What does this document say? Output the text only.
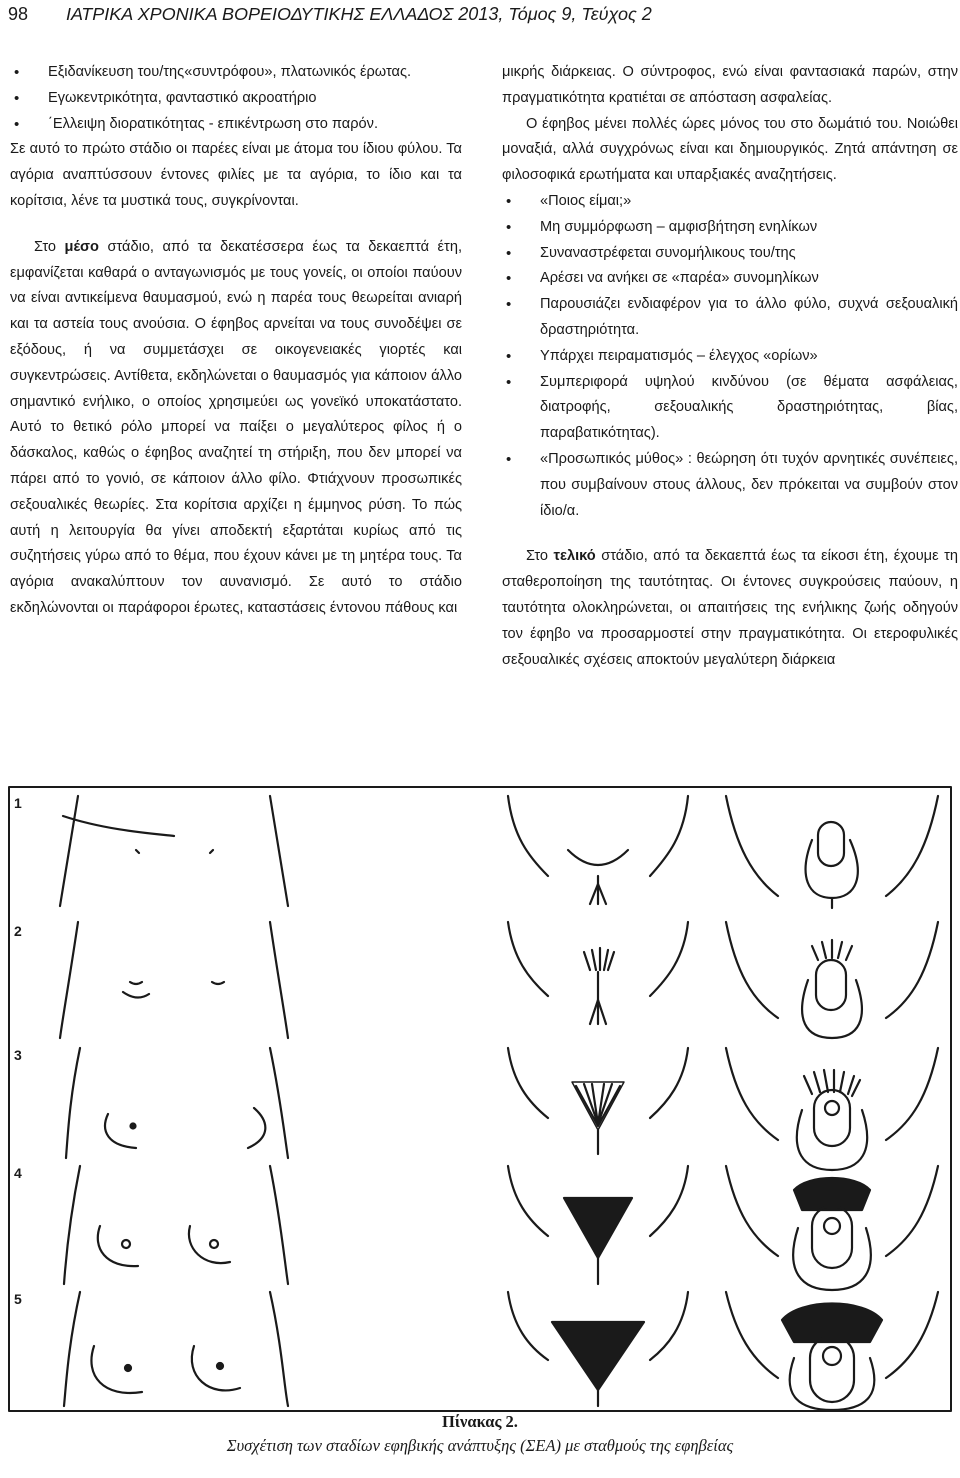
98 ΙΑΤΡΙΚΑ ΧΡΟΝΙΚΑ ΒΟΡΕΙΟΔΥΤΙΚΗΣ ΕΛΛΑΔΟΣ 2013, Τόμος 9, Τεύχος 2
• Εξιδανίκευση του/της«συντρόφου», πλατωνικός έρωτας.
• Εγωκεντρικότητα, φανταστικό ακροατήριο
• ΄Ελλειψη διορατικότητας - επικέντρωση στο παρόν.

Σε αυτό το πρώτο στάδιο οι παρέες είναι με άτομα του ίδιου φύλου. Τα αγόρια αναπτύσσουν έντονες φιλίες με τα αγόρια, το ίδιο και τα κορίτσια, λένε τα μυστικά τους, συγκρίνονται.

Στο μέσο στάδιο, από τα δεκατέσσερα έως τα δεκαεπτά έτη, εμφανίζεται καθαρά ο ανταγωνισμός με τους γονείς, οι οποίοι παύουν να είναι αντικείμενα θαυμασμού, ενώ η παρέα τους θεωρείται ανιαρή και τα αστεία τους ανούσια. Ο έφηβος αρνείται να τους συνοδέψει σε εξόδους, ή να συμμετάσχει σε οικογενειακές γιορτές και συγκεντρώσεις. Αντίθετα, εκδηλώνεται ο θαυμασμός για κάποιον άλλο σημαντικό ενήλικο, ο οποίος χρησιμεύει ως γονεϊκό υποκατάστατο. Αυτό το θετικό ρόλο μπορεί να παίξει ο μεγαλύτερος φίλος ή ο δάσκαλος, καθώς ο έφηβος αναζητεί τη στήριξη, που δεν μπορεί να πάρει από το γονιό, σε κάποιον άλλο φίλο. Φτιάχνουν προσωπικές σεξουαλικές θεωρίες. Στα κορίτσια αρχίζει η έμμηνος ρύση. Το πώς αυτή η λειτουργία θα γίνει αποδεκτή εξαρτάται κυρίως από τις συζητήσεις γύρω από το θέμα, που έχουν κάνει με τη μητέρα τους. Τα αγόρια ανακαλύπτουν τον αυνανισμό. Σε αυτό το στάδιο εκδηλώνονται οι παράφοροι έρωτες, καταστάσεις έντονου πάθους και

μικρής διάρκειας. Ο σύντροφος, ενώ είναι φαντασιακά παρών, στην πραγματικότητα κρατιέται σε απόσταση ασφαλείας.

Ο έφηβος μένει πολλές ώρες μόνος του στο δωμάτιό του. Νοιώθει μοναξιά, αλλά συγχρόνως είναι και δημιουργικός. Ζητά απάντηση σε φιλοσοφικά ερωτήματα και υπαρξιακές αναζητήσεις.

• «Ποιος είμαι;»
• Μη συμμόρφωση – αμφισβήτηση ενηλίκων
• Συναναστρέφεται συνομήλικους του/της
• Αρέσει να ανήκει σε «παρέα» συνομηλίκων
• Παρουσιάζει ενδιαφέρον για το άλλο φύλο, συχνά σεξουαλική δραστηριότητα.
• Υπάρχει πειραματισμός – έλεγχος «ορίων»
• Συμπεριφορά υψηλού κινδύνου (σε θέματα ασφάλειας, διατροφής, σεξουαλικής δραστηριότητας, βίας, παραβατικότητας).
• «Προσωπικός μύθος» : θεώρηση ότι τυχόν αρνητικές συνέπειες, που συμβαίνουν στους άλλους, δεν πρόκειται να συμβούν στον ίδιο/α.

Στο τελικό στάδιο, από τα δεκαεπτά έως τα είκοσι έτη, έχουμε τη σταθεροποίηση της ταυτότητας. Οι έντονες συγκρούσεις παύουν, η ταυτότητα ολοκληρώνεται, οι απαιτήσεις της ενήλικης ζωής οδηγούν τον έφηβο να προσαρμοστεί στην πραγματικότητα. Οι ετεροφυλικές σεξουαλικές σχέσεις αποκτούν μεγαλύτερη διάρκεια

1
2
3
4
5
Πίνακας 2.
Συσχέτιση των σταδίων εφηβικής ανάπτυξης (ΣΕΑ) με σταθμούς της εφηβείας
